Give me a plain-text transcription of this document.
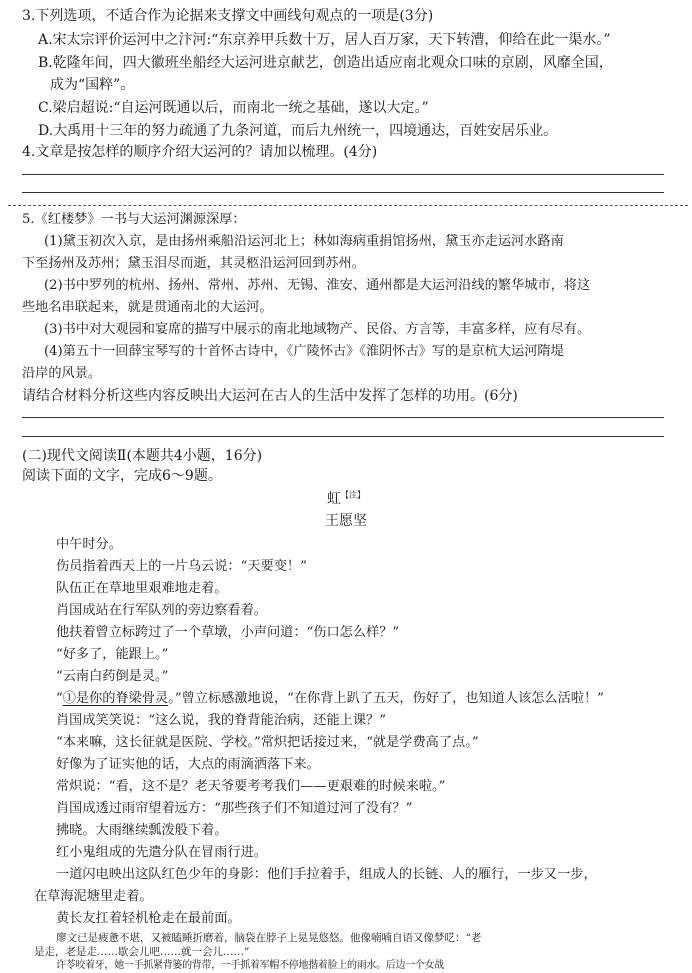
3.下列选项，不适合作为论据来支撑文中画线句观点的一项是(3分)
A.宋太宗评价运河中之汴河:“东京养甲兵数十万，居人百万家，天下转漕，仰给在此一渠水。”
B.乾隆年间，四大徽班坐船经大运河进京献艺，创造出适应南北观众口味的京剧，风靡全国，
成为“国粹”。
C.梁启超说:“自运河既通以后，而南北一统之基础，遂以大定。”
D.大禹用十三年的努力疏通了九条河道，而后九州统一，四境通达，百姓安居乐业。
4.文章是按怎样的顺序介绍大运河的？请加以梳理。(4分)
5.《红楼梦》一书与大运河渊源深厚：
(1)黛玉初次入京，是由扬州乘船沿运河北上；林如海病重捐馆扬州，黛玉亦走运河水路南
下至扬州及苏州；黛玉泪尽而逝，其灵柩沿运河回到苏州。
(2)书中罗列的杭州、扬州、常州、苏州、无锡、淮安、通州都是大运河沿线的繁华城市，将这
些地名串联起来，就是贯通南北的大运河。
(3)书中对大观园和宴席的描写中展示的南北地域物产、民俗、方言等，丰富多样，应有尽有。
(4)第五十一回薛宝琴写的十首怀古诗中，《广陵怀古》《淮阴怀古》写的是京杭大运河隋堤
沿岸的风景。
请结合材料分析这些内容反映出大运河在古人的生活中发挥了怎样的功用。(6分)
(二)现代文阅读Ⅱ(本题共4小题，16分)
阅读下面的文字，完成6～9题。
虹$^{【注】}$
王愿坚
中午时分。
伤员指着西天上的一片乌云说：“天要变！”
队伍正在草地里艰难地走着。
肖国成站在行军队列的旁边察看着。
他扶着曾立标跨过了一个草墩，小声问道：“伤口怎么样？”
“好多了，能跟上。”
“云南白药倒是灵。”
“①是你的脊梁骨灵。”曾立标感激地说，“在你背上趴了五天，伤好了，也知道人该怎么活啦！”
肖国成笑笑说：“这么说，我的脊背能治病，还能上课？”
“本来嘛，这长征就是医院、学校。”常炽把话接过来，“就是学费高了点。”
好像为了证实他的话，大点的雨滴洒落下来。
常炽说：“看，这不是？老天爷要考考我们——更艰难的时候来啦。”
肖国成透过雨帘望着远方：“那些孩子们不知道过河了没有？”
拂晓。大雨继续瓢泼般下着。
红小鬼组成的先遣分队在冒雨行进。
一道闪电映出这队红色少年的身影：他们手拉着手，组成人的长链、人的雁行，一步又一步，
在草海泥塘里走着。
黄长友扛着轻机枪走在最前面。
廖文已是疲惫不堪，又被瞌睡折磨着，脑袋在脖子上晃晃悠悠。他像喃喃自语又像梦呓：“老
是走，老是走……歇会儿吧……就一会儿……”
许苓咬着牙，她一手抓紧背篓的背带，一手抓着军帽不停地揩着脸上的雨水。后边一个女战
